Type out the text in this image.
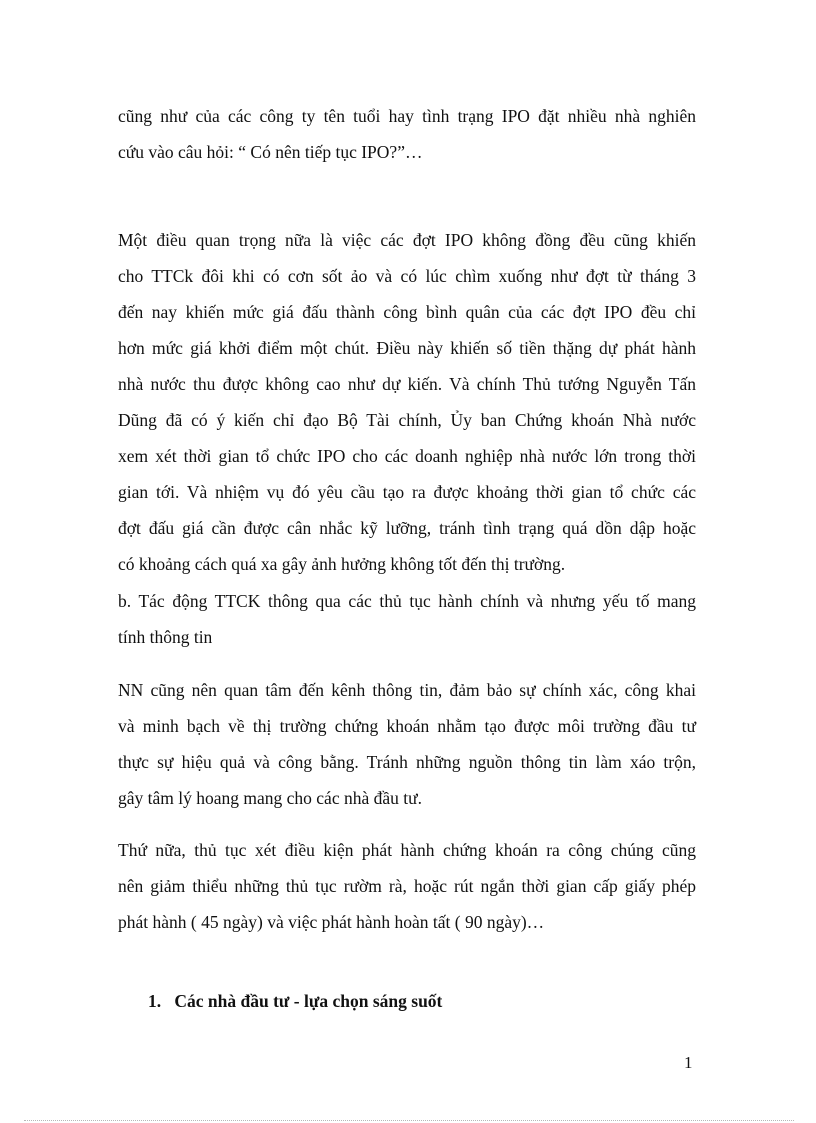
cũng như của các công ty tên tuổi hay tình trạng IPO đặt nhiều nhà nghiên
cứu vào câu hỏi: “ Có nên tiếp tục IPO?”…
Một điều quan trọng nữa là việc các đợt IPO không đồng đều cũng khiến
cho TTCk đôi khi có cơn sốt ảo và có lúc chìm xuống như đợt từ tháng 3
đến nay khiến mức giá đấu thành công bình quân của các đợt IPO đều chỉ
hơn mức giá khởi điểm một chút. Điều này khiến số tiền thặng dự phát hành
nhà nước thu được không cao như dự kiến. Và chính Thủ tướng Nguyễn Tấn
Dũng đã có ý kiến chỉ đạo Bộ Tài chính, Ủy ban Chứng khoán Nhà nước
xem xét thời gian tổ chức IPO cho các doanh nghiệp nhà nước lớn trong thời
gian tới. Và nhiệm vụ đó yêu cầu tạo ra được khoảng thời gian tổ chức các
đợt đấu giá cần được cân nhắc kỹ lưỡng, tránh tình trạng quá dồn dập hoặc
có khoảng cách quá xa gây ảnh hưởng không tốt đến thị trường.
b. Tác động TTCK thông qua các thủ tục hành chính và nhưng yếu tố mang
tính thông tin
NN cũng nên quan tâm đến kênh thông tin, đảm bảo sự chính xác, công khai
và minh bạch về thị trường chứng khoán nhằm tạo được môi trường đầu tư
thực sự hiệu quả và công bằng. Tránh những nguồn thông tin làm xáo trộn,
gây tâm lý hoang mang cho các nhà đầu tư.
Thứ nữa, thủ tục xét điều kiện phát hành chứng khoán ra công chúng cũng
nên giảm thiểu những thủ tục rườm rà, hoặc rút ngắn thời gian cấp giấy phép
phát hành ( 45 ngày) và việc phát hành hoàn tất ( 90 ngày)…
1. Các nhà đầu tư - lựa chọn sáng suốt
1
